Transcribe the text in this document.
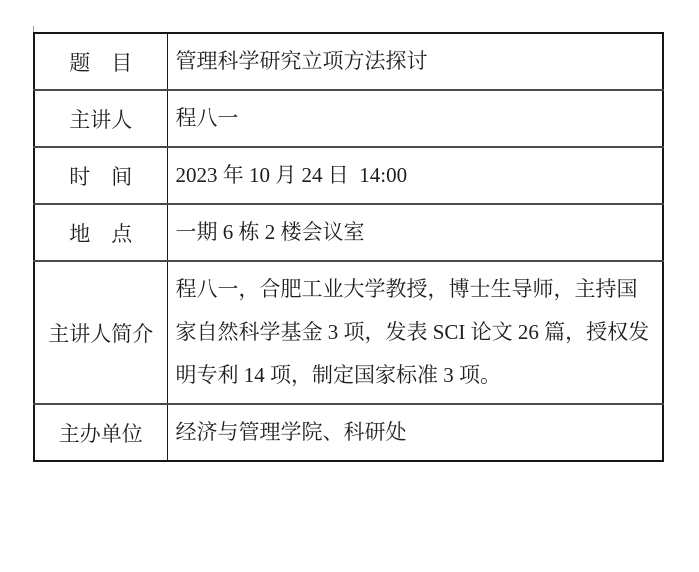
题　目	管理科学研究立项方法探讨
主讲人	程八一
时　间	2023 年 10 月 24 日  14:00
地　点	一期 6 栋 2 楼会议室
主讲人简介	程八一，合肥工业大学教授，博士生导师，主持国家自然科学基金 3 项，发表 SCI 论文 26 篇，授权发明专利 14 项，制定国家标准 3 项。
主办单位	经济与管理学院、科研处
